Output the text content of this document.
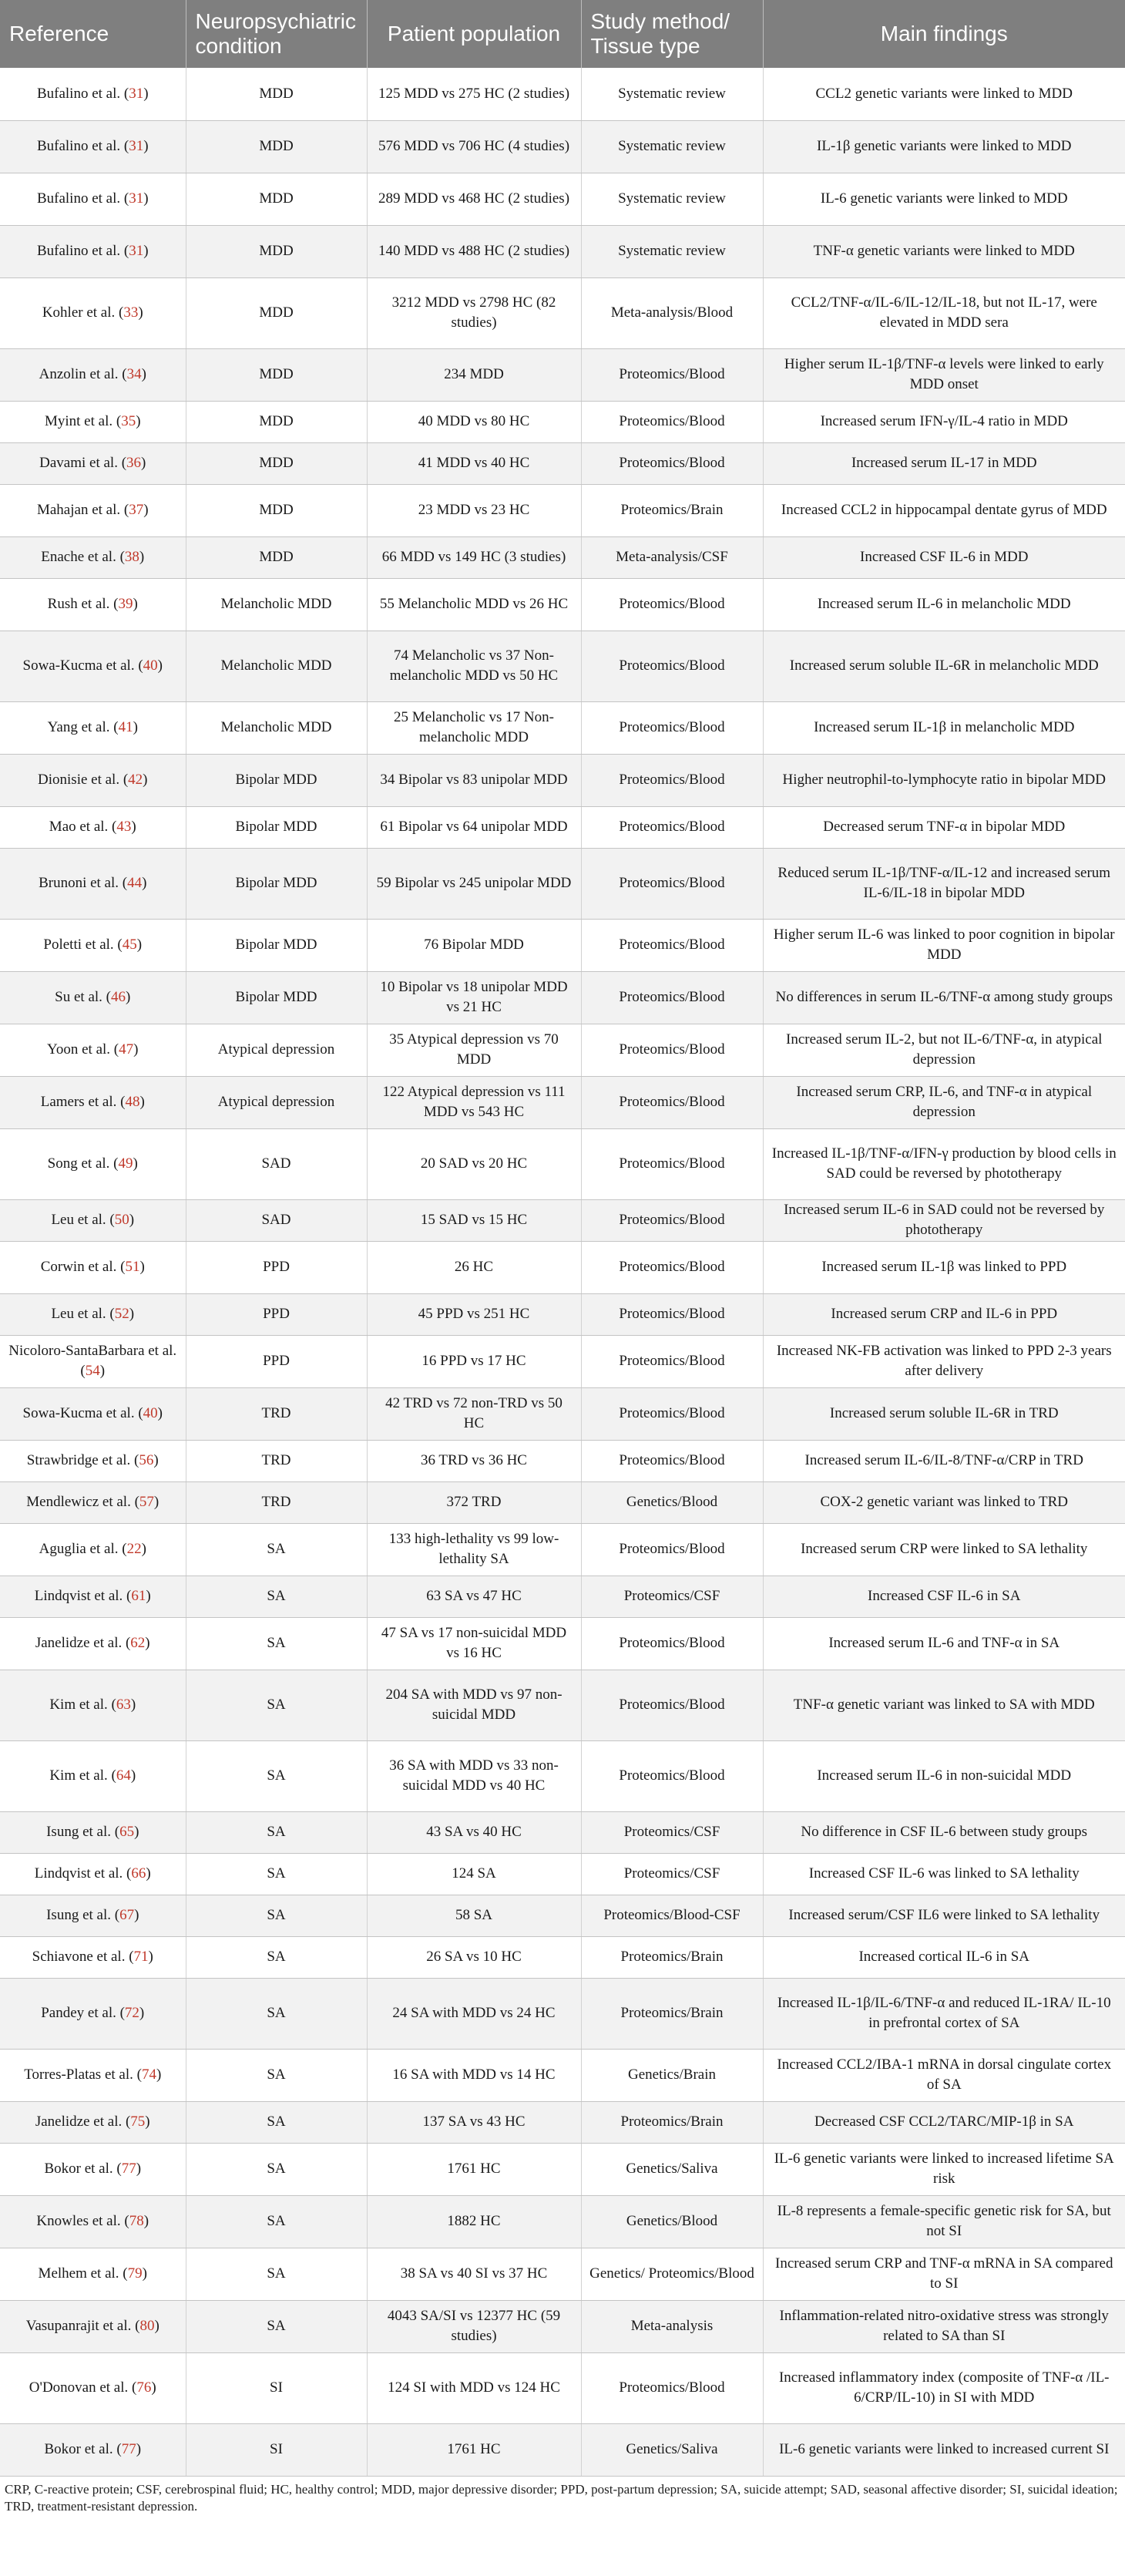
Reference	Neuropsychiatric condition	Patient population	Study method/ Tissue type	Main findings
Bufalino et al. (31)	MDD	125 MDD vs 275 HC (2 studies)	Systematic review	CCL2 genetic variants were linked to MDD
Bufalino et al. (31)	MDD	576 MDD vs 706 HC (4 studies)	Systematic review	IL-1β genetic variants were linked to MDD
Bufalino et al. (31)	MDD	289 MDD vs 468 HC (2 studies)	Systematic review	IL-6 genetic variants were linked to MDD
Bufalino et al. (31)	MDD	140 MDD vs 488 HC (2 studies)	Systematic review	TNF-α genetic variants were linked to MDD
Kohler et al. (33)	MDD	3212 MDD vs 2798 HC (82 studies)	Meta-analysis/Blood	CCL2/TNF-α/IL-6/IL-12/IL-18, but not IL-17, were elevated in MDD sera
Anzolin et al. (34)	MDD	234 MDD	Proteomics/Blood	Higher serum IL-1β/TNF-α levels were linked to early MDD onset
Myint et al. (35)	MDD	40 MDD vs 80 HC	Proteomics/Blood	Increased serum IFN-γ/IL-4 ratio in MDD
Davami et al. (36)	MDD	41 MDD vs 40 HC	Proteomics/Blood	Increased serum IL-17 in MDD
Mahajan et al. (37)	MDD	23 MDD vs 23 HC	Proteomics/Brain	Increased CCL2 in hippocampal dentate gyrus of MDD
Enache et al. (38)	MDD	66 MDD vs 149 HC (3 studies)	Meta-analysis/CSF	Increased CSF IL-6 in MDD
Rush et al. (39)	Melancholic MDD	55 Melancholic MDD vs 26 HC	Proteomics/Blood	Increased serum IL-6 in melancholic MDD
Sowa-Kucma et al. (40)	Melancholic MDD	74 Melancholic vs 37 Non-melancholic MDD vs 50 HC	Proteomics/Blood	Increased serum soluble IL-6R in melancholic MDD
Yang et al. (41)	Melancholic MDD	25 Melancholic vs 17 Non-melancholic MDD	Proteomics/Blood	Increased serum IL-1β in melancholic MDD
Dionisie et al. (42)	Bipolar MDD	34 Bipolar vs 83 unipolar MDD	Proteomics/Blood	Higher neutrophil-to-lymphocyte ratio in bipolar MDD
Mao et al. (43)	Bipolar MDD	61 Bipolar vs 64 unipolar MDD	Proteomics/Blood	Decreased serum TNF-α in bipolar MDD
Brunoni et al. (44)	Bipolar MDD	59 Bipolar vs 245 unipolar MDD	Proteomics/Blood	Reduced serum IL-1β/TNF-α/IL-12 and increased serum IL-6/IL-18 in bipolar MDD
Poletti et al. (45)	Bipolar MDD	76 Bipolar MDD	Proteomics/Blood	Higher serum IL-6 was linked to poor cognition in bipolar MDD
Su et al. (46)	Bipolar MDD	10 Bipolar vs 18 unipolar MDD vs 21 HC	Proteomics/Blood	No differences in serum IL-6/TNF-α among study groups
Yoon et al. (47)	Atypical depression	35 Atypical depression vs 70 MDD	Proteomics/Blood	Increased serum IL-2, but not IL-6/TNF-α, in atypical depression
Lamers et al. (48)	Atypical depression	122 Atypical depression vs 111 MDD vs 543 HC	Proteomics/Blood	Increased serum CRP, IL-6, and TNF-α in atypical depression
Song et al. (49)	SAD	20 SAD vs 20 HC	Proteomics/Blood	Increased IL-1β/TNF-α/IFN-γ production by blood cells in SAD could be reversed by phototherapy
Leu et al. (50)	SAD	15 SAD vs 15 HC	Proteomics/Blood	Increased serum IL-6 in SAD could not be reversed by phototherapy
Corwin et al. (51)	PPD	26 HC	Proteomics/Blood	Increased serum IL-1β was linked to PPD
Leu et al. (52)	PPD	45 PPD vs 251 HC	Proteomics/Blood	Increased serum CRP and IL-6 in PPD
Nicoloro-SantaBarbara et al. (54)	PPD	16 PPD vs 17 HC	Proteomics/Blood	Increased NK-FB activation was linked to PPD 2-3 years after delivery
Sowa-Kucma et al. (40)	TRD	42 TRD vs 72 non-TRD vs 50 HC	Proteomics/Blood	Increased serum soluble IL-6R in TRD
Strawbridge et al. (56)	TRD	36 TRD vs 36 HC	Proteomics/Blood	Increased serum IL-6/IL-8/TNF-α/CRP in TRD
Mendlewicz et al. (57)	TRD	372 TRD	Genetics/Blood	COX-2 genetic variant was linked to TRD
Aguglia et al. (22)	SA	133 high-lethality vs 99 low-lethality SA	Proteomics/Blood	Increased serum CRP were linked to SA lethality
Lindqvist et al. (61)	SA	63 SA vs 47 HC	Proteomics/CSF	Increased CSF IL-6 in SA
Janelidze et al. (62)	SA	47 SA vs 17 non-suicidal MDD vs 16 HC	Proteomics/Blood	Increased serum IL-6 and TNF-α in SA
Kim et al. (63)	SA	204 SA with MDD vs 97 non-suicidal MDD	Proteomics/Blood	TNF-α genetic variant was linked to SA with MDD
Kim et al. (64)	SA	36 SA with MDD vs 33 non-suicidal MDD vs 40 HC	Proteomics/Blood	Increased serum IL-6 in non-suicidal MDD
Isung et al. (65)	SA	43 SA vs 40 HC	Proteomics/CSF	No difference in CSF IL-6 between study groups
Lindqvist et al. (66)	SA	124 SA	Proteomics/CSF	Increased CSF IL-6 was linked to SA lethality
Isung et al. (67)	SA	58 SA	Proteomics/Blood-CSF	Increased serum/CSF IL6 were linked to SA lethality
Schiavone et al. (71)	SA	26 SA vs 10 HC	Proteomics/Brain	Increased cortical IL-6 in SA
Pandey et al. (72)	SA	24 SA with MDD vs 24 HC	Proteomics/Brain	Increased IL-1β/IL-6/TNF-α and reduced IL-1RA/ IL-10 in prefrontal cortex of SA
Torres-Platas et al. (74)	SA	16 SA with MDD vs 14 HC	Genetics/Brain	Increased CCL2/IBA-1 mRNA in dorsal cingulate cortex of SA
Janelidze et al. (75)	SA	137 SA vs 43 HC	Proteomics/Brain	Decreased CSF CCL2/TARC/MIP-1β in SA
Bokor et al. (77)	SA	1761 HC	Genetics/Saliva	IL-6 genetic variants were linked to increased lifetime SA risk
Knowles et al. (78)	SA	1882 HC	Genetics/Blood	IL-8 represents a female-specific genetic risk for SA, but not SI
Melhem et al. (79)	SA	38 SA vs 40 SI vs 37 HC	Genetics/ Proteomics/Blood	Increased serum CRP and TNF-α mRNA in SA compared to SI
Vasupanrajit et al. (80)	SA	4043 SA/SI vs 12377 HC (59 studies)	Meta-analysis	Inflammation-related nitro-oxidative stress was strongly related to SA than SI
O'Donovan et al. (76)	SI	124 SI with MDD vs 124 HC	Proteomics/Blood	Increased inflammatory index (composite of TNF-α /IL-6/CRP/IL-10) in SI with MDD
Bokor et al. (77)	SI	1761 HC	Genetics/Saliva	IL-6 genetic variants were linked to increased current SI
CRP, C-reactive protein; CSF, cerebrospinal fluid; HC, healthy control; MDD, major depressive disorder; PPD, post-partum depression; SA, suicide attempt; SAD, seasonal affective disorder; SI, suicidal ideation; TRD, treatment-resistant depression.
